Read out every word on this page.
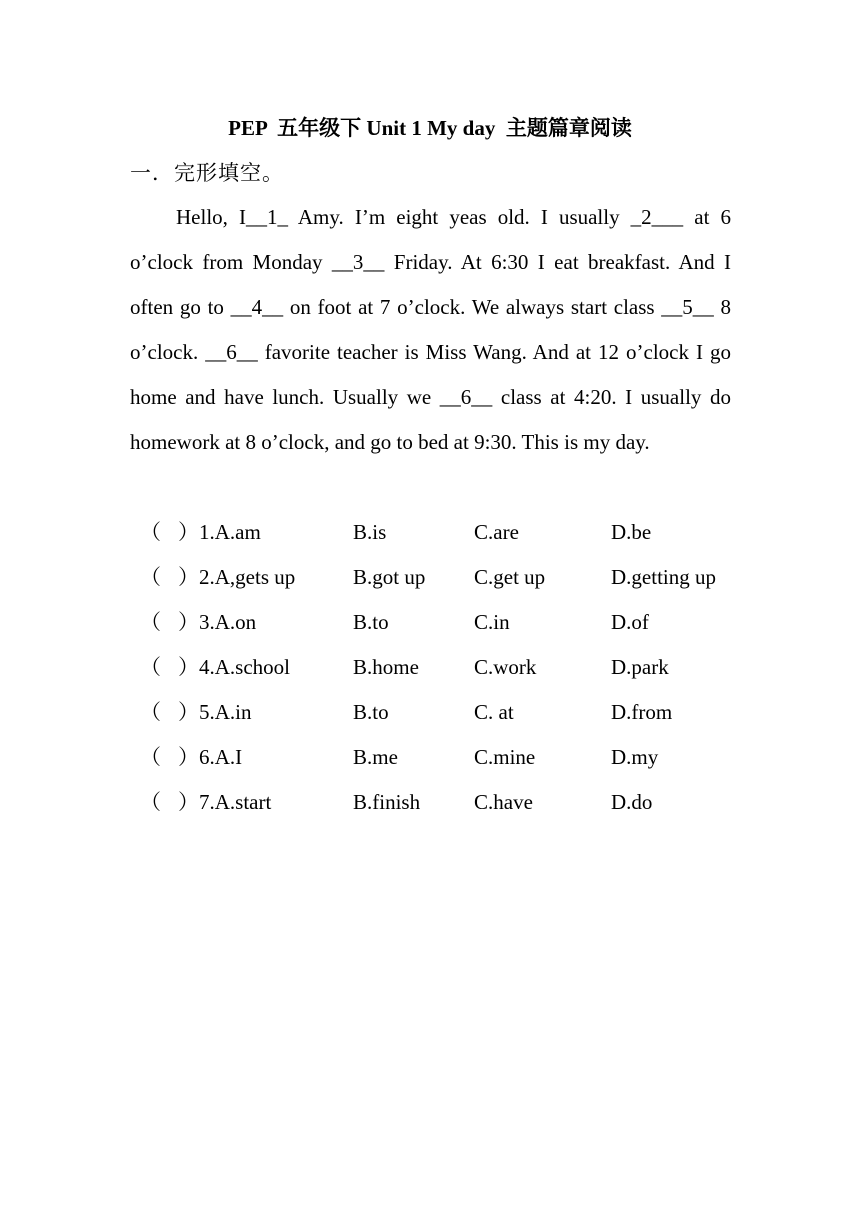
PEP  五年级下 Unit 1 My day  主题篇章阅读
一．完形填空。

Hello, I__1_ Amy. I’m eight yeas old. I usually _2___ at 6 o’clock from Monday __3__ Friday. At 6:30 I eat breakfast. And I often go to __4__ on foot at 7 o’clock. We always start class __5__ 8 o’clock. __6__ favorite teacher is Miss Wang. And at 12 o’clock I go home and have lunch. Usually we __6__ class at 4:20. I usually do homework at 8 o’clock, and go to bed at 9:30. This is my day.

（ ） 1.A.am	B.is	C.are	D.be
（ ） 2.A,gets up	B.got up C.get up	D.getting up
（ ） 3.A.on	B.to	C.in	D.of
（ ） 4.A.school	B.home	C.work	D.park
（ ） 5.A.in	B.to	C. at	D.from
（ ） 6.A.I	B.me	C.mine	D.my
（ ） 7.A.start	B.finish	C.have	D.do
